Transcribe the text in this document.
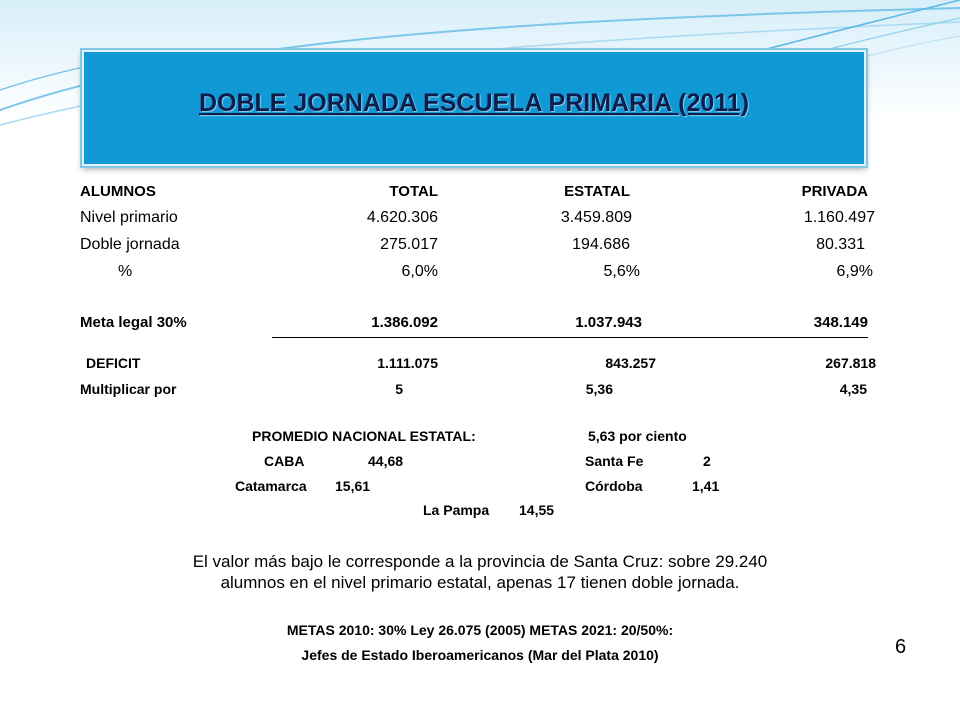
DOBLE JORNADA ESCUELA PRIMARIA (2011)
ALUMNOS	TOTAL	ESTATAL	PRIVADA
Nivel primario	4.620.306	3.459.809	1.160.497
Doble jornada	275.017	194.686	80.331
%	6,0%	5,6%	6,9%
Meta legal 30%	1.386.092	1.037.943	348.149
DEFICIT	1.111.075	843.257	267.818
Multiplicar por	5	5,36	4,35
PROMEDIO NACIONAL ESTATAL:	5,63 por ciento
CABA	44,68	Santa Fe	2
Catamarca 15,61	Córdoba	1,41
La Pampa 14,55
El valor más bajo le corresponde a la provincia de Santa Cruz: sobre 29.240
alumnos en el nivel primario estatal, apenas 17 tienen doble jornada.
METAS 2010: 30% Ley 26.075 (2005) METAS 2021: 20/50%:
Jefes de Estado Iberoamericanos (Mar del Plata 2010)	6
